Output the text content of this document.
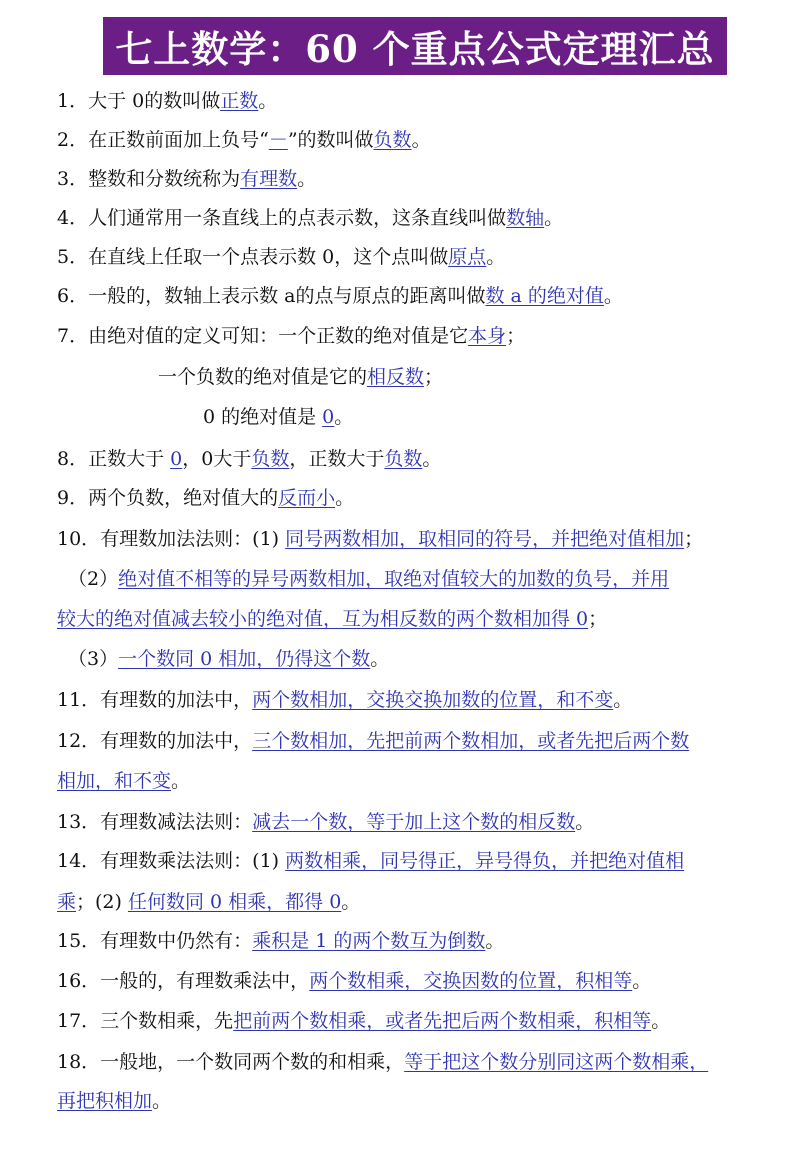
七上数学：60 个重点公式定理汇总
1．大于 0的数叫做正数。
2．在正数前面加上负号“－”的数叫做负数。
3．整数和分数统称为有理数。
4．人们通常用一条直线上的点表示数，这条直线叫做数轴。
5．在直线上任取一个点表示数 0，这个点叫做原点。
6．一般的，数轴上表示数 a的点与原点的距离叫做数 a 的绝对值。
7．由绝对值的定义可知：一个正数的绝对值是它本身；
一个负数的绝对值是它的相反数；
0 的绝对值是 0。
8．正数大于 0，0大于负数，正数大于负数。
9．两个负数，绝对值大的反而小。
10．有理数加法法则：(1) 同号两数相加，取相同的符号，并把绝对值相加；
（2）绝对值不相等的异号两数相加，取绝对值较大的加数的负号，并用
较大的绝对值减去较小的绝对值，互为相反数的两个数相加得 0；
（3）一个数同 0 相加，仍得这个数。
11．有理数的加法中，两个数相加，交换交换加数的位置，和不变。
12．有理数的加法中，三个数相加，先把前两个数相加，或者先把后两个数
相加，和不变。
13．有理数减法法则：减去一个数，等于加上这个数的相反数。
14．有理数乘法法则：(1) 两数相乘，同号得正，异号得负，并把绝对值相
乘；(2) 任何数同 0 相乘，都得 0。
15．有理数中仍然有：乘积是 1 的两个数互为倒数。
16．一般的，有理数乘法中，两个数相乘，交换因数的位置，积相等。
17．三个数相乘，先把前两个数相乘，或者先把后两个数相乘，积相等。
18．一般地，一个数同两个数的和相乘，等于把这个数分别同这两个数相乘，
再把积相加。
